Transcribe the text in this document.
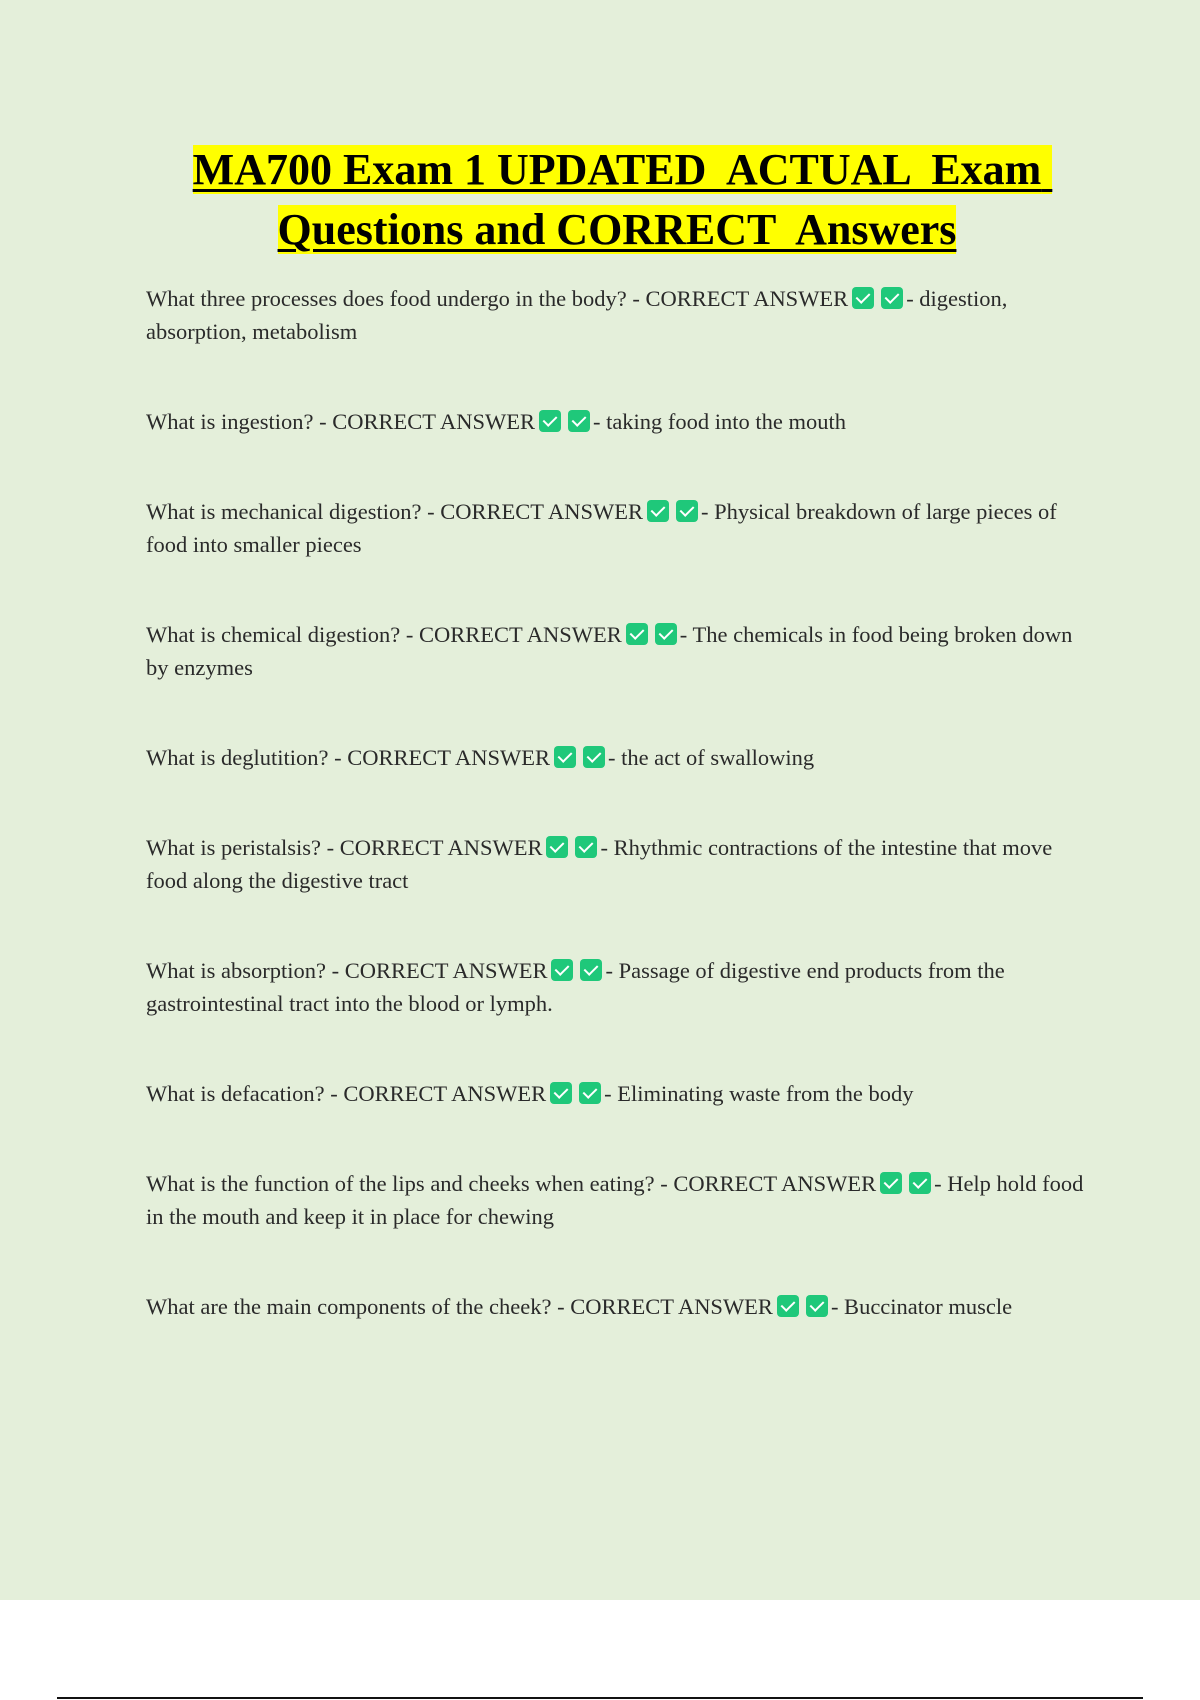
MA700 Exam 1 UPDATED  ACTUAL  Exam Questions and CORRECT  Answers

What three processes does food undergo in the body? - CORRECT ANSWER	- digestion, absorption, metabolism

What is ingestion? - CORRECT ANSWER	- taking food into the mouth

What is mechanical digestion? - CORRECT ANSWER	- Physical breakdown of large pieces of food into smaller pieces

What is chemical digestion? - CORRECT ANSWER	- The chemicals in food being broken down by enzymes

What is deglutition? - CORRECT ANSWER	- the act of swallowing

What is peristalsis? - CORRECT ANSWER	- Rhythmic contractions of the intestine that move food along the digestive tract

What is absorption? - CORRECT ANSWER	- Passage of digestive end products from the gastrointestinal tract into the blood or lymph.

What is defacation? - CORRECT ANSWER	- Eliminating waste from the body

What is the function of the lips and cheeks when eating? - CORRECT ANSWER	- Help hold food in the mouth and keep it in place for chewing

What are the main components of the cheek? - CORRECT ANSWER	- Buccinator muscle
